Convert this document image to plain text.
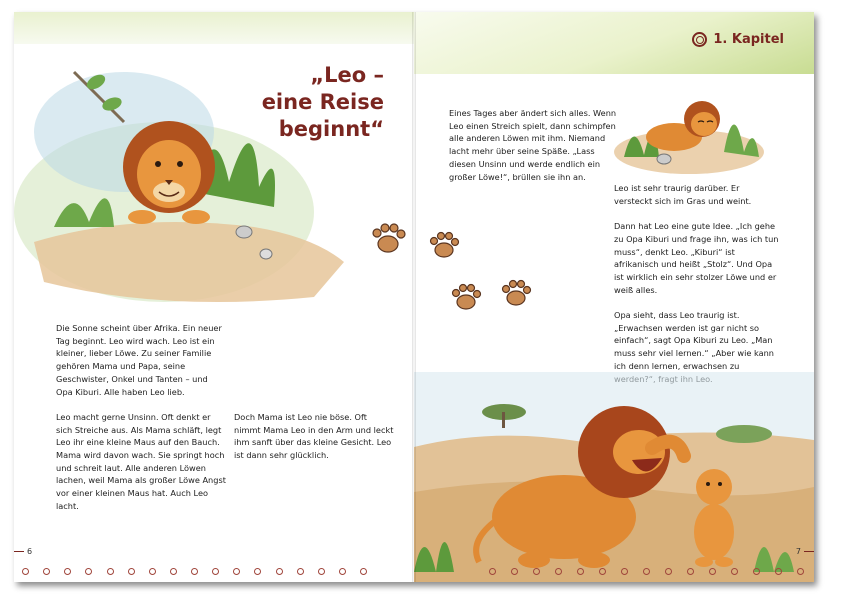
„Leo –
eine Reise
beginnt“

Die Sonne scheint über Afrika. Ein neuer Tag beginnt. Leo wird wach. Leo ist ein kleiner, lieber Löwe. Zu seiner Familie gehören Mama und Papa, seine Geschwister, Onkel und Tanten – und Opa Kiburi. Alle haben Leo lieb.

Leo macht gerne Unsinn. Oft denkt er sich Streiche aus. Als Mama schläft, legt Leo ihr eine kleine Maus auf den Bauch. Mama wird davon wach. Sie springt hoch und schreit laut. Alle anderen Löwen lachen, weil Mama als großer Löwe Angst vor einer kleinen Maus hat. Auch Leo lacht.

Doch Mama ist Leo nie böse. Oft nimmt Mama Leo in den Arm und leckt ihm sanft über das kleine Gesicht. Leo ist dann sehr glücklich.

6
1. Kapitel

Eines Tages aber ändert sich alles. Wenn Leo einen Streich spielt, dann schimpfen alle anderen Löwen mit ihm. Niemand lacht mehr über seine Späße. „Lass diesen Unsinn und werde endlich ein großer Löwe!“, brüllen sie ihn an.

Leo ist sehr traurig darüber. Er versteckt sich im Gras und weint.

Dann hat Leo eine gute Idee. „Ich gehe zu Opa Kiburi und frage ihn, was ich tun muss“, denkt Leo. „Kiburi“ ist afrikanisch und heißt „Stolz“. Und Opa ist wirklich ein sehr stolzer Löwe und er weiß alles.

Opa sieht, dass Leo traurig ist. „Erwachsen werden ist gar nicht so einfach“, sagt Opa Kiburi zu Leo. „Man muss sehr viel lernen.“ „Aber wie kann ich denn lernen, erwachsen zu

7
